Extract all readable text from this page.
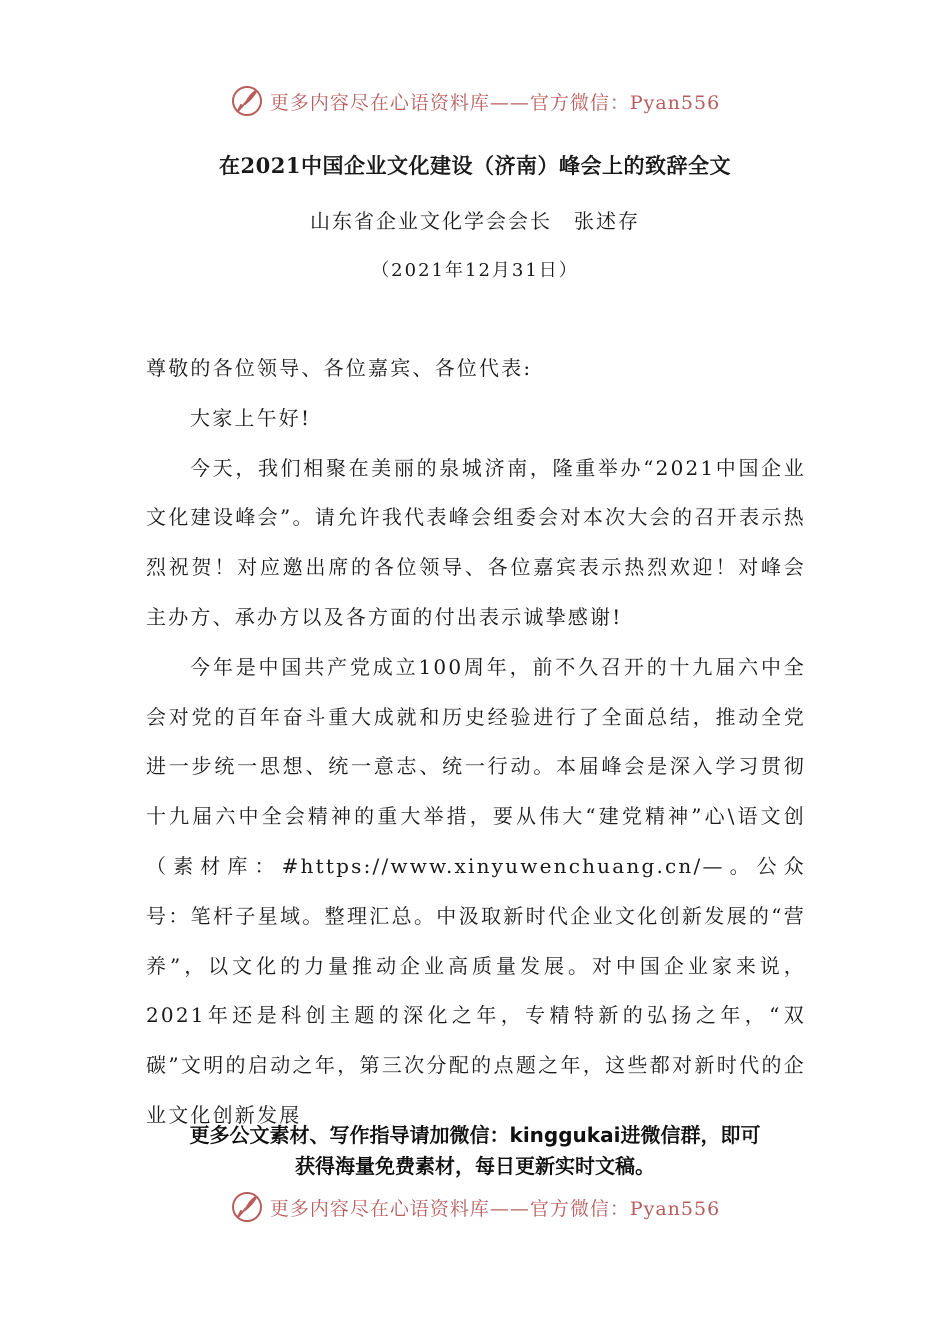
更多内容尽在心语资料库——官方微信：Pyan556
在2021中国企业文化建设（济南）峰会上的致辞全文
山东省企业文化学会会长　张述存
（2021年12月31日）

尊敬的各位领导、各位嘉宾、各位代表:

大家上午好!

今天，我们相聚在美丽的泉城济南，隆重举办“2021中国企业文化建设峰会”。请允许我代表峰会组委会对本次大会的召开表示热烈祝贺！对应邀出席的各位领导、各位嘉宾表示热烈欢迎！对峰会主办方、承办方以及各方面的付出表示诚挚感谢!

今年是中国共产党成立100周年，前不久召开的十九届六中全会对党的百年奋斗重大成就和历史经验进行了全面总结，推动全党进一步统一思想、统一意志、统一行动。本届峰会是深入学习贯彻十九届六中全会精神的重大举措，要从伟大“建党精神”心\语文创（素材库：#https://www.xinyuwenchuang.cn/—。公众号：笔杆子星域。整理汇总。中汲取新时代企业文化创新发展的“营养”，以文化的力量推动企业高质量发展。对中国企业家来说，2021年还是科创主题的深化之年，专精特新的弘扬之年，“双碳”文明的启动之年，第三次分配的点题之年，这些都对新时代的企业文化创新发展

更多公文素材、写作指导请加微信：kinggukai进微信群，即可
获得海量免费素材，每日更新实时文稿。
更多内容尽在心语资料库——官方微信：Pyan556
